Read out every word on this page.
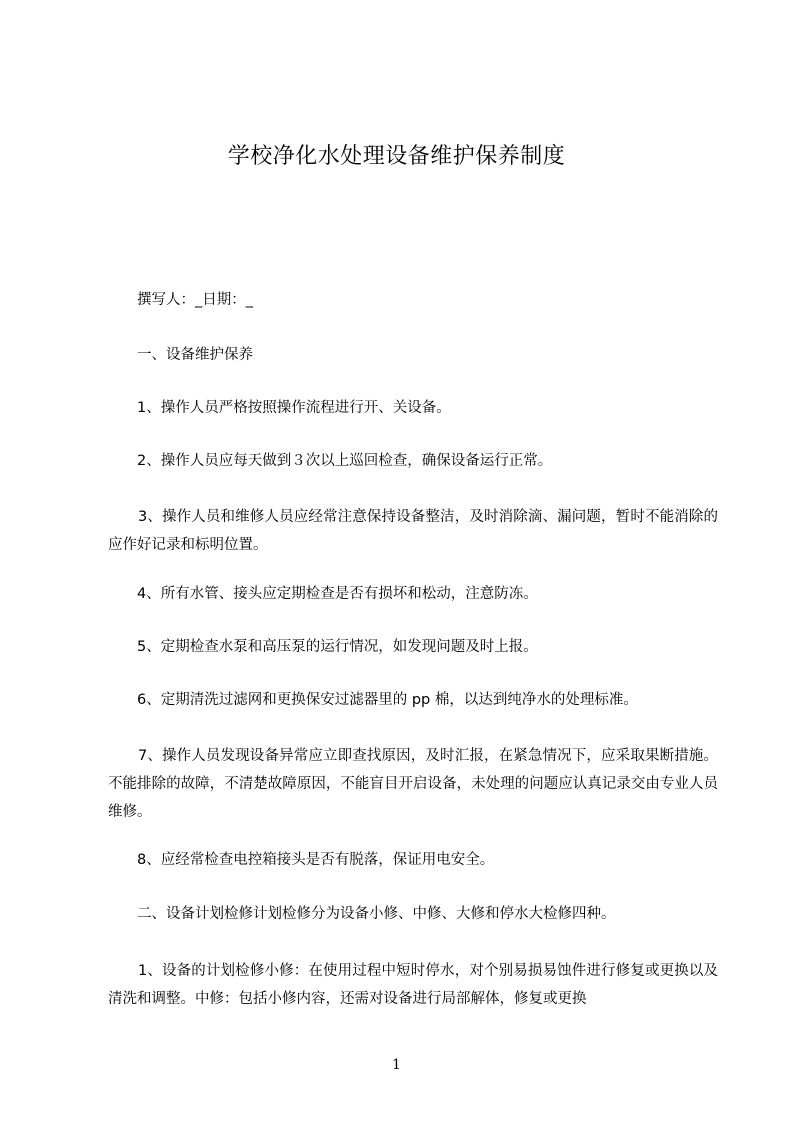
学校净化水处理设备维护保养制度
撰写人：_日期：_
一、设备维护保养
1、操作人员严格按照操作流程进行开、关设备。
2、操作人员应每天做到３次以上巡回检查，确保设备运行正常。
3、操作人员和维修人员应经常注意保持设备整洁，及时消除滴、漏问题，暂时不能消除的应作好记录和标明位置。
4、所有水管、接头应定期检查是否有损坏和松动，注意防冻。
5、定期检查水泵和高压泵的运行情况，如发现问题及时上报。
6、定期清洗过滤网和更换保安过滤器里的 pp 棉，以达到纯净水的处理标准。
7、操作人员发现设备异常应立即查找原因，及时汇报，在紧急情况下，应采取果断措施。不能排除的故障，不清楚故障原因，不能盲目开启设备，未处理的问题应认真记录交由专业人员维修。
8、应经常检查电控箱接头是否有脱落，保证用电安全。
二、设备计划检修计划检修分为设备小修、中修、大修和停水大检修四种。
1、设备的计划检修小修：在使用过程中短时停水，对个别易损易蚀件进行修复或更换以及清洗和调整。中修：包括小修内容，还需对设备进行局部解体，修复或更换
1
